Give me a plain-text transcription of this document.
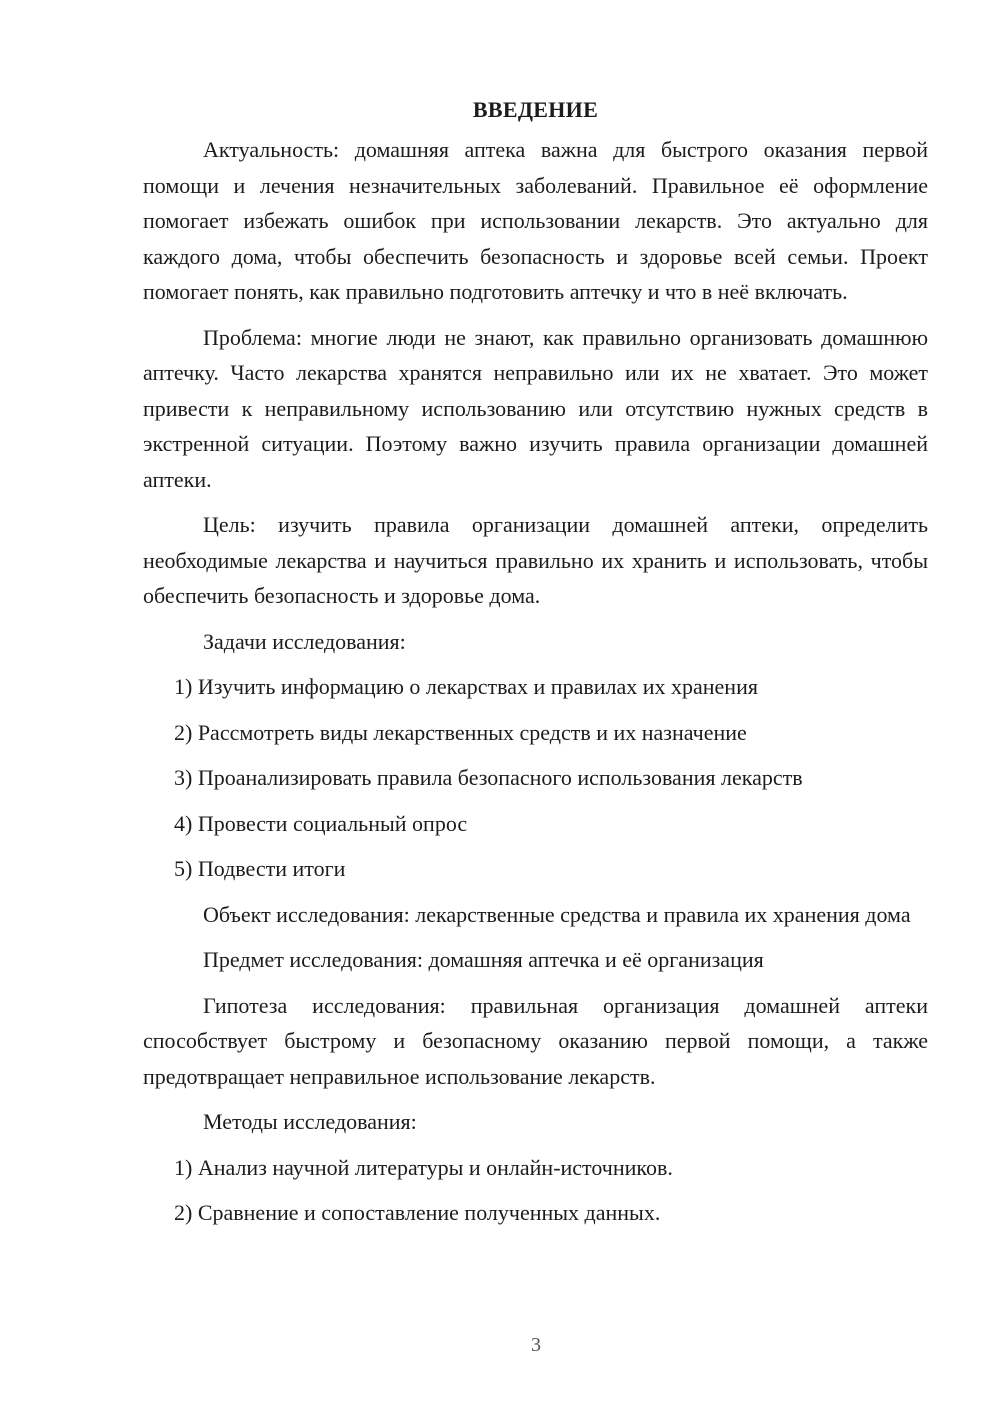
ВВЕДЕНИЕ

Актуальность: домашняя аптека важна для быстрого оказания первой помощи и лечения незначительных заболеваний. Правильное её оформление помогает избежать ошибок при использовании лекарств. Это актуально для каждого дома, чтобы обеспечить безопасность и здоровье всей семьи. Проект помогает понять, как правильно подготовить аптечку и что в неё включать.

Проблема: многие люди не знают, как правильно организовать домашнюю аптечку. Часто лекарства хранятся неправильно или их не хватает. Это может привести к неправильному использованию или отсутствию нужных средств в экстренной ситуации. Поэтому важно изучить правила организации домашней аптеки.

Цель: изучить правила организации домашней аптеки, определить необходимые лекарства и научиться правильно их хранить и использовать, чтобы обеспечить безопасность и здоровье дома.

Задачи исследования:

1) Изучить информацию о лекарствах и правилах их хранения
2) Рассмотреть виды лекарственных средств и их назначение
3) Проанализировать правила безопасного использования лекарств
4) Провести социальный опрос
5) Подвести итоги

Объект исследования: лекарственные средства и правила их хранения дома

Предмет исследования: домашняя аптечка и её организация

Гипотеза исследования: правильная организация домашней аптеки способствует быстрому и безопасному оказанию первой помощи, а также предотвращает неправильное использование лекарств.

Методы исследования:

1) Анализ научной литературы и онлайн-источников.
2) Сравнение и сопоставление полученных данных.
3
